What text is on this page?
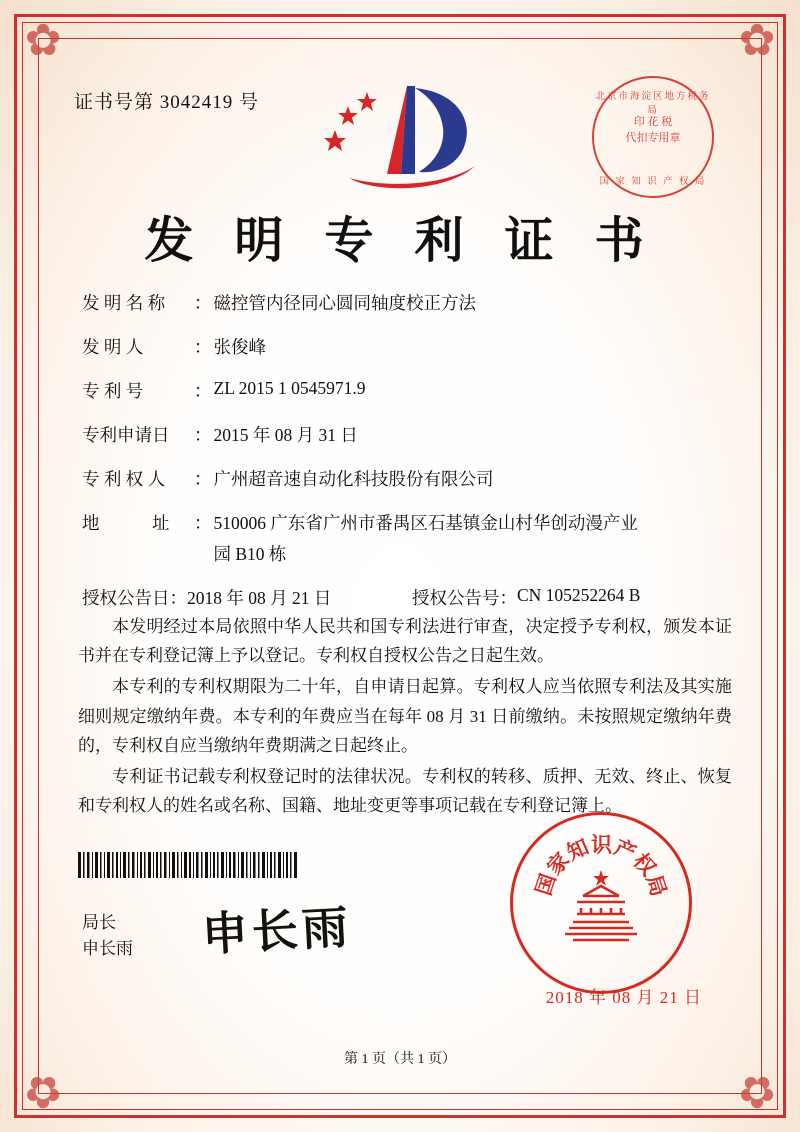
✿	✿
✿	✿
证书号第 3042419 号
发 明 专 利 证 书
北京市海淀区地方税务局
印 花 税
代扣专用章
国 家 知 识 产 权 局
发 明 名 称	： 磁控管内径同心圆同轴度校正方法
发 明 人	： 张俊峰
专 利 号	： ZL 2015 1 0545971.9
专利申请日	： 2015 年 08 月 31 日
专 利 权 人	： 广州超音速自动化科技股份有限公司
地　　　址	： 510006 广东省广州市番禺区石基镇金山村华创动漫产业
园 B10 栋
授权公告日 ： 2018 年 08 月 21 日	授权公告号 ： CN 105252264 B

本发明经过本局依照中华人民共和国专利法进行审查，决定授予专利权，颁发本证书并在专利登记簿上予以登记。专利权自授权公告之日起生效。

本专利的专利权期限为二十年，自申请日起算。专利权人应当依照专利法及其实施细则规定缴纳年费。本专利的年费应当在每年 08 月 31 日前缴纳。未按照规定缴纳年费的，专利权自应当缴纳年费期满之日起终止。

专利证书记载专利权登记时的法律状况。专利权的转移、质押、无效、终止、恢复和专利权人的姓名或名称、国籍、地址变更等事项记载在专利登记簿上。

局长
申长雨 申长雨
国
家
知
识
产
权
局
2018 年 08 月 21 日
第 1 页（共 1 页）
